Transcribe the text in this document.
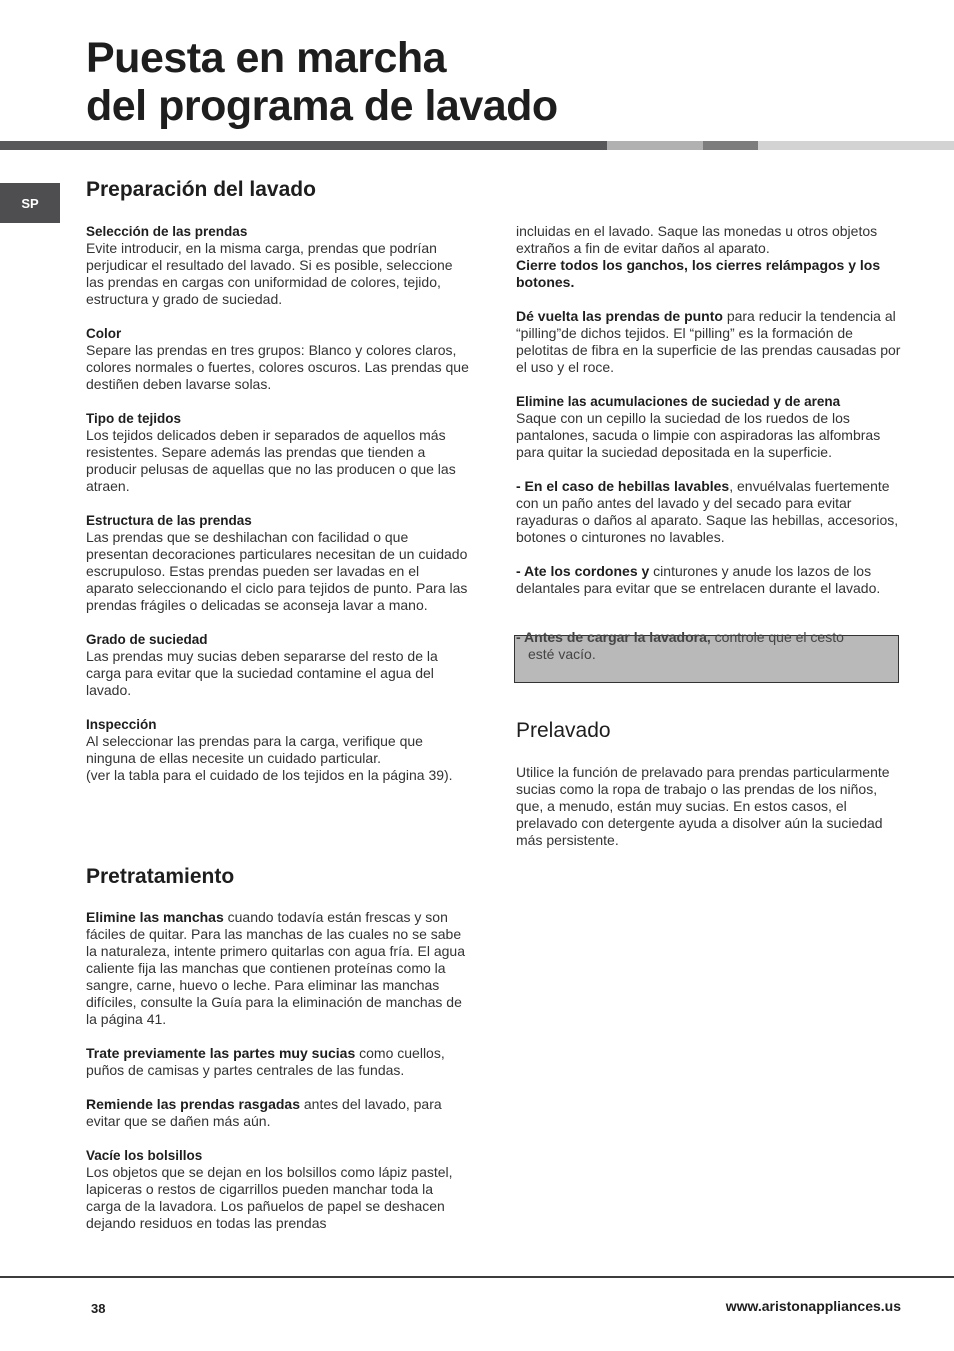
Puesta en marcha
del programa de lavado
SP
Preparación del lavado

Selección de las prendas
Evite introducir, en la misma carga, prendas que podrían perjudicar el resultado del lavado. Si es posible, seleccione las prendas en cargas con uniformidad de colores, tejido, estructura y grado de suciedad.

Color
Separe las prendas en tres grupos: Blanco y colores claros, colores normales o fuertes, colores oscuros. Las prendas que destiñen deben lavarse solas.

Tipo de tejidos
Los tejidos delicados deben ir separados de aquellos más resistentes. Separe además las prendas que tienden a producir pelusas de aquellas que no las producen o que las atraen.

Estructura de las prendas
Las prendas que se deshilachan con facilidad o que presentan decoraciones particulares necesitan de un cuidado escrupuloso. Estas prendas pueden ser lavadas en el aparato seleccionando el ciclo para tejidos de punto. Para las prendas frágiles o delicadas se aconseja lavar a mano.

Grado de suciedad
Las prendas muy sucias deben separarse del resto de la carga para evitar que la suciedad contamine el agua del lavado.

Inspección
Al seleccionar las prendas para la carga, verifique que ninguna de ellas necesite un cuidado particular.
(ver la tabla para el cuidado de los tejidos en la página 39).

Pretratamiento

Elimine las manchas cuando todavía están frescas y son fáciles de quitar. Para las manchas de las cuales no se sabe la naturaleza, intente primero quitarlas con agua fría. El agua caliente fija las manchas que contienen proteínas como la sangre, carne, huevo o leche. Para eliminar las manchas difíciles, consulte la Guía para la eliminación de manchas de la página 41.

Trate previamente las partes muy sucias como cuellos, puños de camisas y partes centrales de las fundas.

Remiende las prendas rasgadas antes del lavado, para evitar que se dañen más aún.

Vacíe los bolsillos
Los objetos que se dejan en los bolsillos como lápiz pastel, lapiceras o restos de cigarrillos pueden manchar toda la carga de la lavadora. Los pañuelos de papel se deshacen dejando residuos en todas las prendas

incluidas en el lavado. Saque las monedas u otros objetos extraños a fin de evitar daños al aparato.
Cierre todos los ganchos, los cierres relámpagos y los botones.

Dé vuelta las prendas de punto para reducir la tendencia al “pilling”de dichos tejidos. El “pilling” es la formación de pelotitas de fibra en la superficie de las prendas causadas por el uso y el roce.

Elimine las acumulaciones de suciedad y de arena
Saque con un cepillo la suciedad de los ruedos de los pantalones, sacuda o limpie con aspiradoras las alfombras para quitar la suciedad depositada en la superficie.

- En el caso de hebillas lavables, envuélvalas fuertemente con un paño antes del lavado y del secado para evitar rayaduras o daños al aparato. Saque las hebillas, accesorios, botones o cinturones no lavables.

- Ate los cordones y cinturones y anude los lazos de los delantales para evitar que se entrelacen durante el lavado.

- Antes de cargar la lavadora, controle que el cesto
esté vacío.
Prelavado

Utilice la función de prelavado para prendas particularmente sucias como la ropa de trabajo o las prendas de los niños,
que, a menudo, están muy sucias. En estos casos, el prelavado con detergente ayuda a disolver aún la suciedad más persistente.

38	www.aristonappliances.us
